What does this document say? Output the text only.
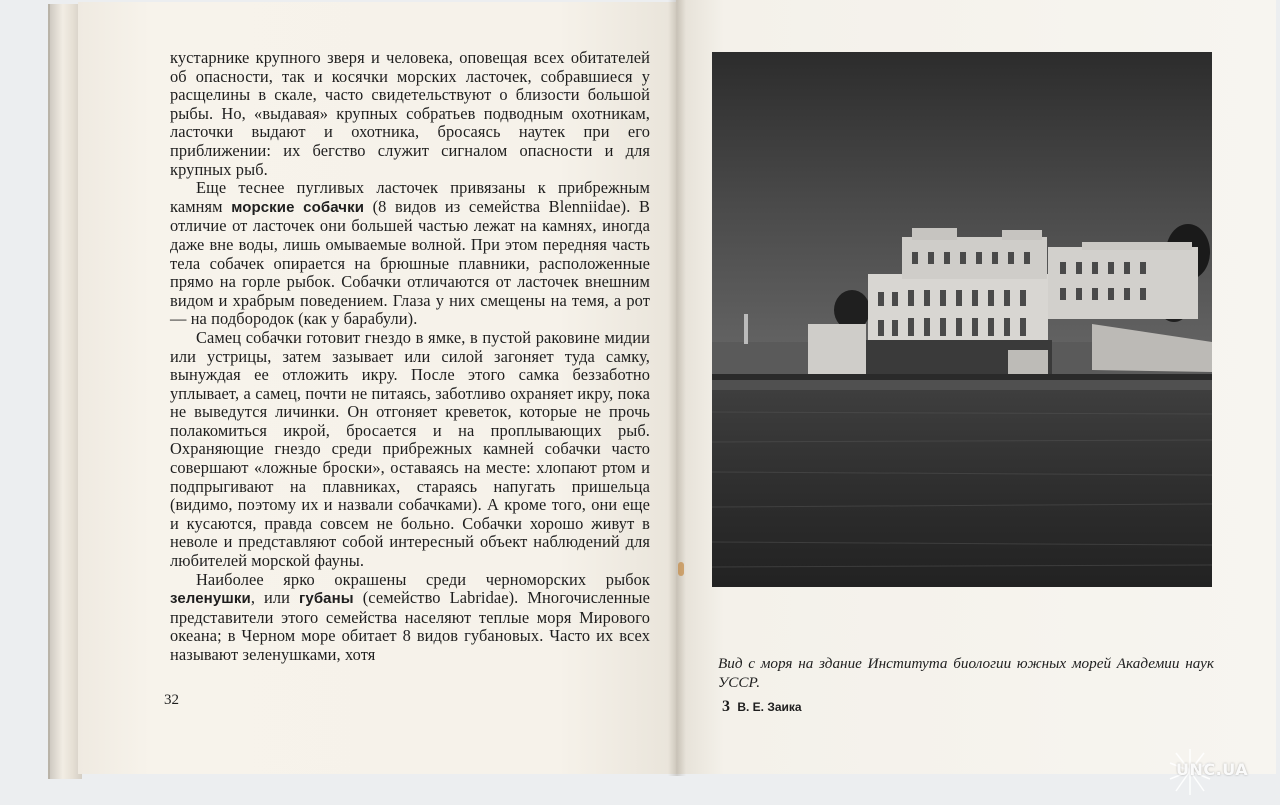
кустарнике крупного зверя и человека, оповещая всех обитателей об опасности, так и косячки морских ласточек, собравшиеся у расщелины в скале, часто свидетельствуют о близости большой рыбы. Но, «выдавая» крупных собратьев подводным охотникам, ласточки выдают и охотника, бросаясь наутек при его приближении: их бегство служит сигналом опасности и для крупных рыб.

Еще теснее пугливых ласточек привязаны к прибрежным камням морские собачки (8 видов из семейства Blenniidae). В отличие от ласточек они большей частью лежат на камнях, иногда даже вне воды, лишь омываемые волной. При этом передняя часть тела собачек опирается на брюшные плавники, расположенные прямо на горле рыбок. Собачки отличаются от ласточек внешним видом и храбрым поведением. Глаза у них смещены на темя, а рот — на подбородок (как у барабули).

Самец собачки готовит гнездо в ямке, в пустой раковине мидии или устрицы, затем зазывает или силой загоняет туда самку, вынуждая ее отложить икру. После этого самка беззаботно уплывает, а самец, почти не питаясь, заботливо охраняет икру, пока не выведутся личинки. Он отгоняет креветок, которые не прочь полакомиться икрой, бросается и на проплывающих рыб. Охраняющие гнездо среди прибрежных камней собачки часто совершают «ложные броски», оставаясь на месте: хлопают ртом и подпрыгивают на плавниках, стараясь напугать пришельца (видимо, поэтому их и назвали собачками). А кроме того, они еще и кусаются, правда совсем не больно. Собачки хорошо живут в неволе и представляют собой интересный объект наблюдений для любителей морской фауны.

Наиболее ярко окрашены среди черноморских рыбок зеленушки, или губаны (семейство Labridae). Многочисленные представители этого семейства населяют теплые моря Мирового океана; в Черном море обитает 8 видов губановых. Часто их всех называют зеленушками, хотя

32
Вид с моря на здание Института биологии южных морей Академии наук УССР.
3 В. Е. Заика
UNC.UA
